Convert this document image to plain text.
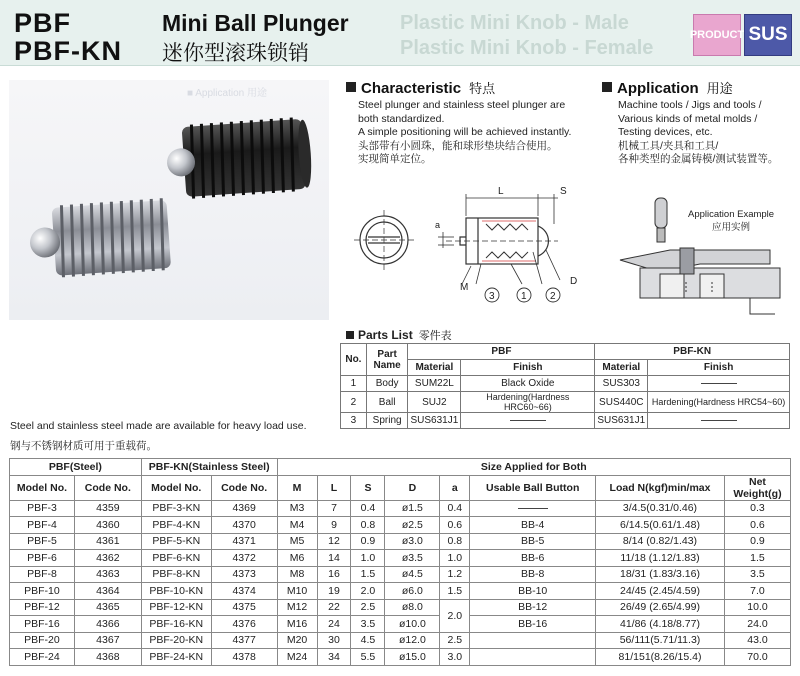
PBF
PBF-KN
Mini Ball Plunger
迷你型滚珠锁销
Plastic Mini Knob - Male
Plastic Mini Knob - Female
PRODUCT SUS
■ Application 用途	Characteristic 特点
Steel plunger and stainless steel plunger are
both standardized.
A simple positioning will be achieved instantly.
头部带有小圆珠，能和球形垫块结合使用。
实现简单定位。
Application 用途
Machine tools / Jigs and tools /
Various kinds of metal molds /
Testing devices, etc.
机械工具/夹具和工具/
各种类型的金属铸模/测试装置等。
L	S
a
M
D
3	1 2
Application Example
应用实例
Parts List 零件表
No.	Part Name	PBF		PBF-KN	
		Material	Finish	Material	Finish
1	Body	SUM22L	Black Oxide	SUS303	
2	Ball	SUJ2	Hardening(Hardness HRC60~66)	SUS440C	Hardening(Hardness HRC54~60)
3	Spring	SUS631J1		SUS631J1	
Steel and stainless steel made are available for heavy load use.
钢与不锈钢材质可用于重载荷。
PBF(Steel)		PBF-KN(Stainless Steel)		Size Applied for Both							
Model No.	Code No.	Model No.	Code No.	M	L	S	D	a	Usable Ball Button	Load N(kgf)min/max	Net Weight(g)
PBF-3	4359	PBF-3-KN	4369	M3	7	0.4	ø1.5	0.4		3/4.5(0.31/0.46)	0.3
PBF-4	4360	PBF-4-KN	4370	M4	9	0.8	ø2.5	0.6	BB-4	6/14.5(0.61/1.48)	0.6
PBF-5	4361	PBF-5-KN	4371	M5	12	0.9	ø3.0	0.8	BB-5	8/14 (0.82/1.43)	0.9
PBF-6	4362	PBF-6-KN	4372	M6	14	1.0	ø3.5	1.0	BB-6	11/18 (1.12/1.83)	1.5
PBF-8	4363	PBF-8-KN	4373	M8	16	1.5	ø4.5	1.2	BB-8	18/31 (1.83/3.16)	3.5
PBF-10	4364	PBF-10-KN	4374	M10	19	2.0	ø6.0	1.5	BB-10	24/45 (2.45/4.59)	7.0
PBF-12	4365	PBF-12-KN	4375	M12	22	2.5	ø8.0	2.0	BB-12	26/49 (2.65/4.99)	10.0
PBF-16	4366	PBF-16-KN	4376	M16	24	3.5	ø10.0		BB-16	41/86 (4.18/8.77)	24.0
PBF-20	4367	PBF-20-KN	4377	M20	30	4.5	ø12.0	2.5		56/111(5.71/11.3)	43.0
PBF-24	4368	PBF-24-KN	4378	M24	34	5.5	ø15.0	3.0		81/151(8.26/15.4)	70.0
